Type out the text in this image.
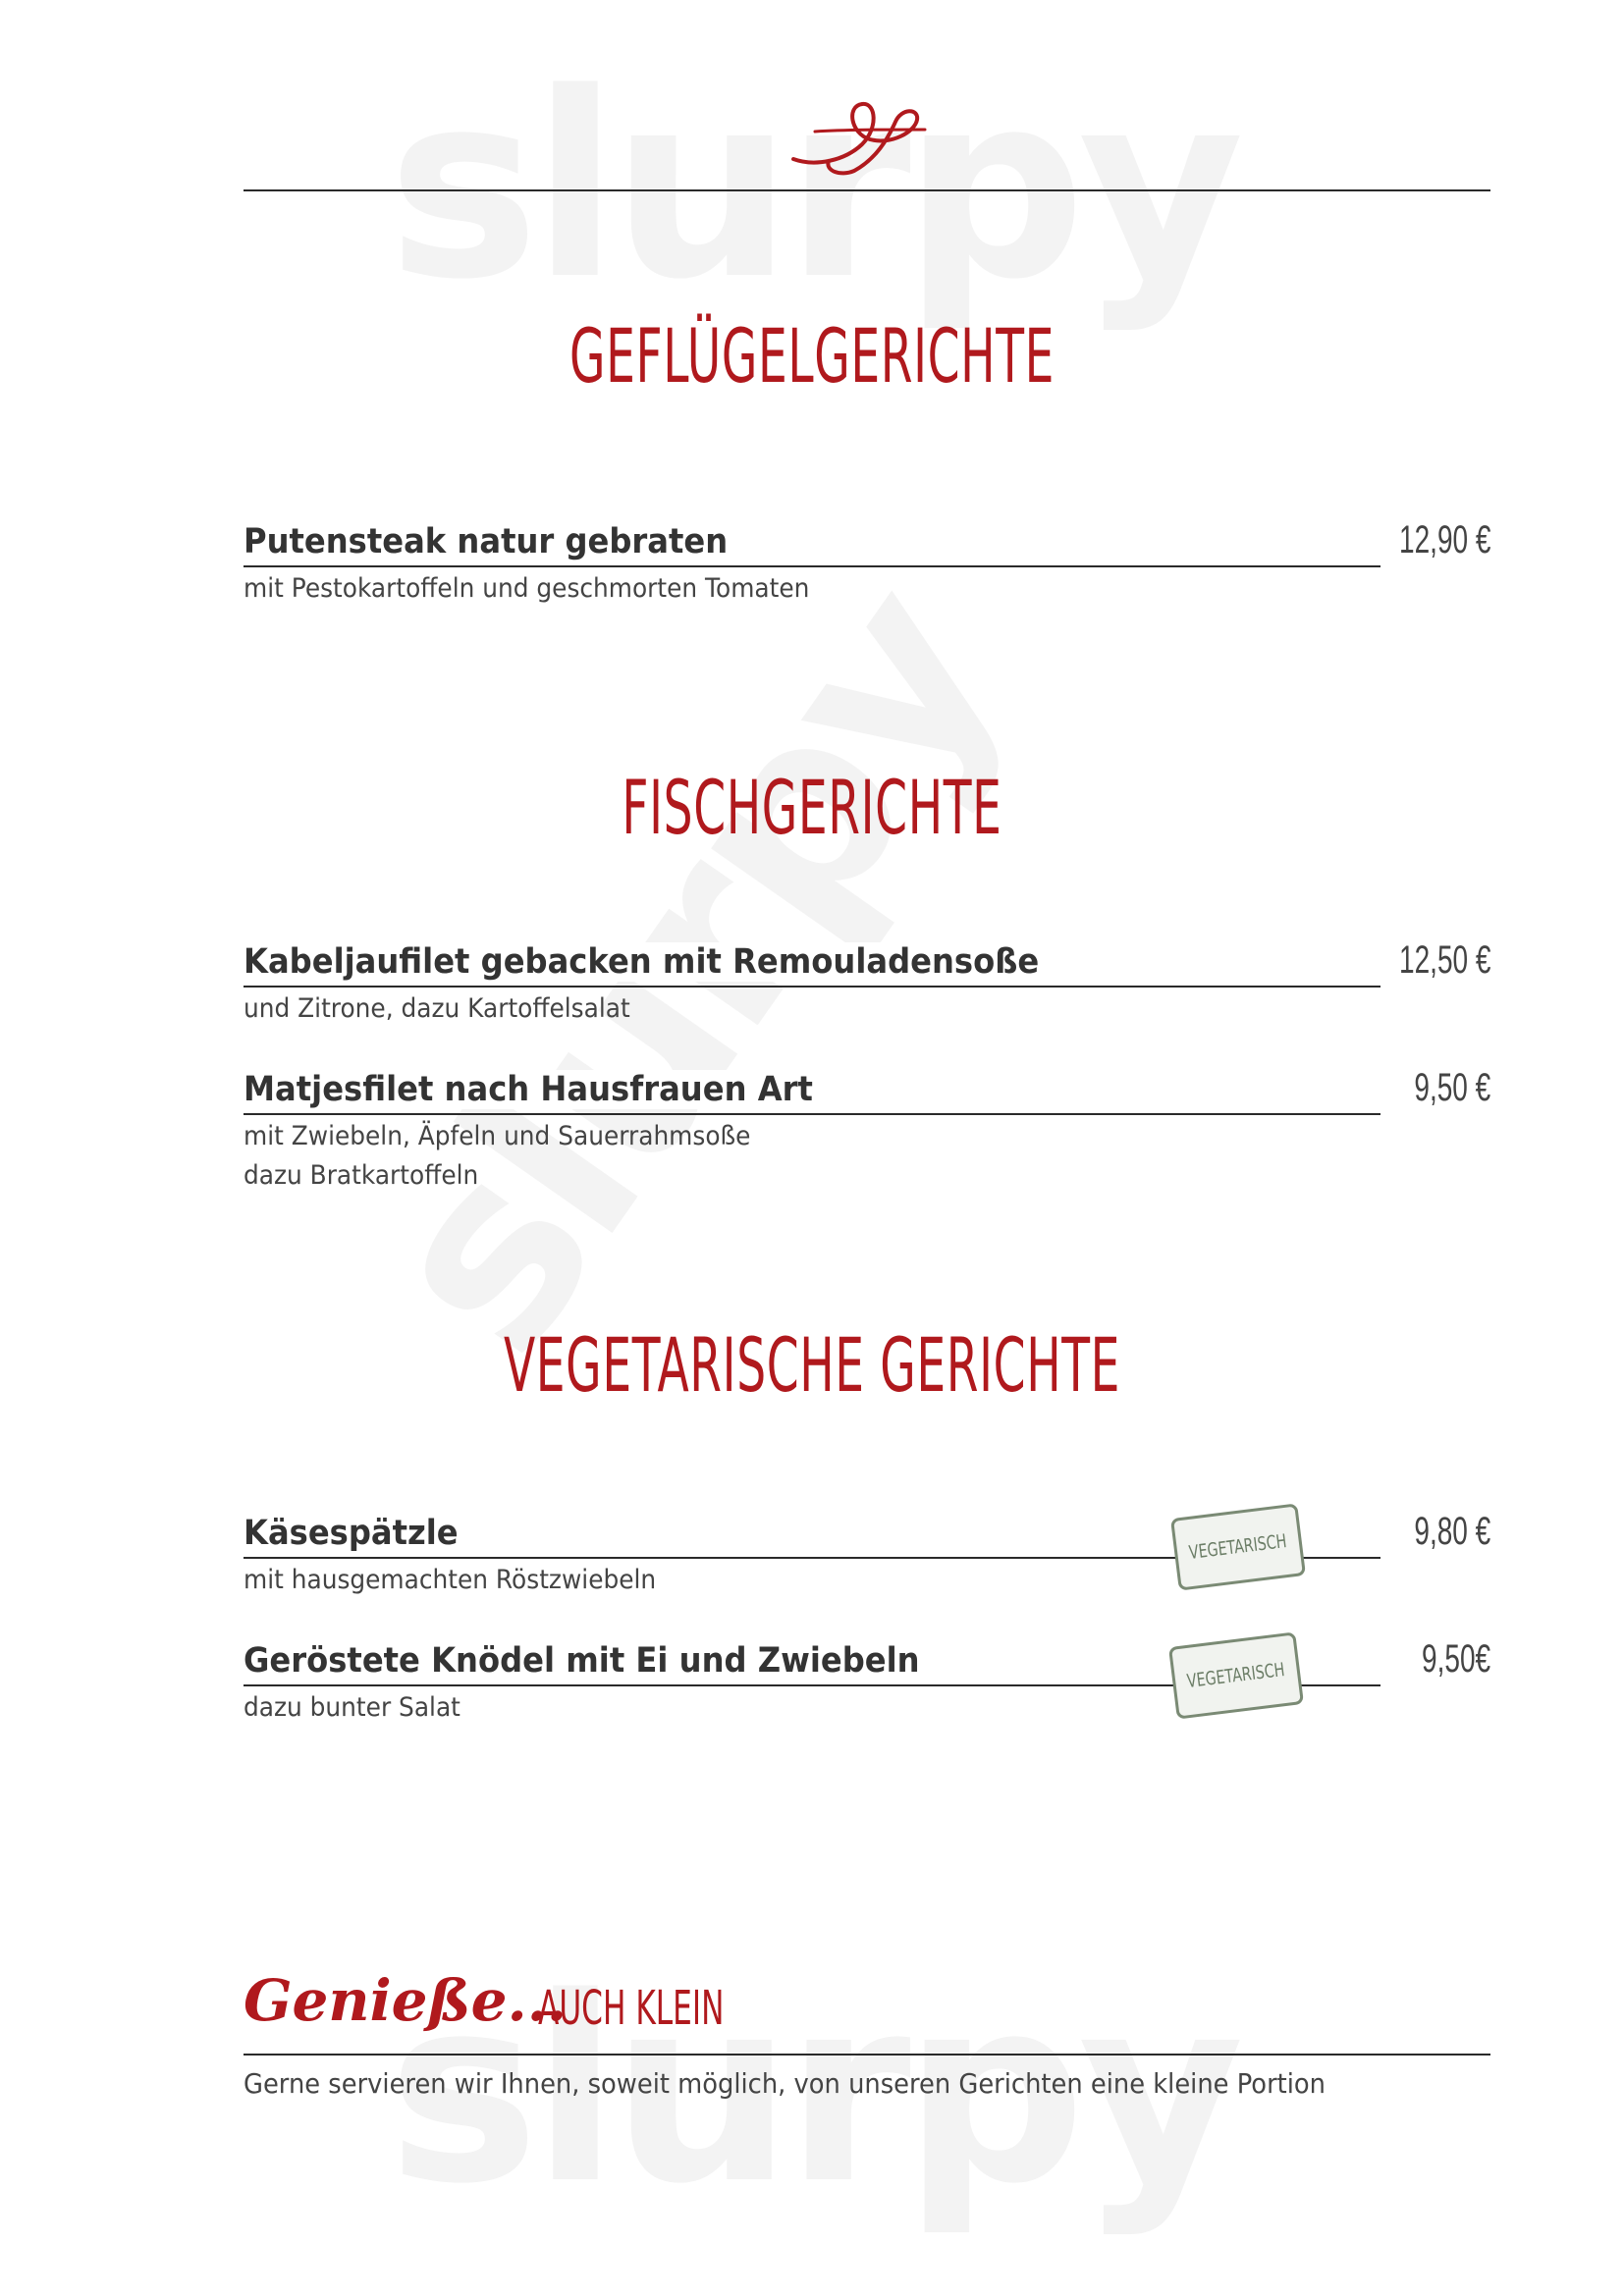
GEFLÜGELGERICHTE
Putensteak natur gebraten	12,90 €
mit Pestokartoffeln und geschmorten Tomaten
FISCHGERICHTE
Kabeljaufilet gebacken mit Remouladensoße	12,50 €
und Zitrone, dazu Kartoffelsalat
Matjesfilet nach Hausfrauen Art	9,50 €
mit Zwiebeln, Äpfeln und Sauerrahmsoße
dazu Bratkartoffeln
VEGETARISCHE GERICHTE
Käsespätzle	9,80 €
mit hausgemachten Röstzwiebeln
VEGETARISCH
Geröstete Knödel mit Ei und Zwiebeln	9,50€
dazu bunter Salat
VEGETARISCH
Genieße...
AUCH KLEIN
Gerne servieren wir Ihnen, soweit möglich, von unseren Gerichten eine kleine Portion
